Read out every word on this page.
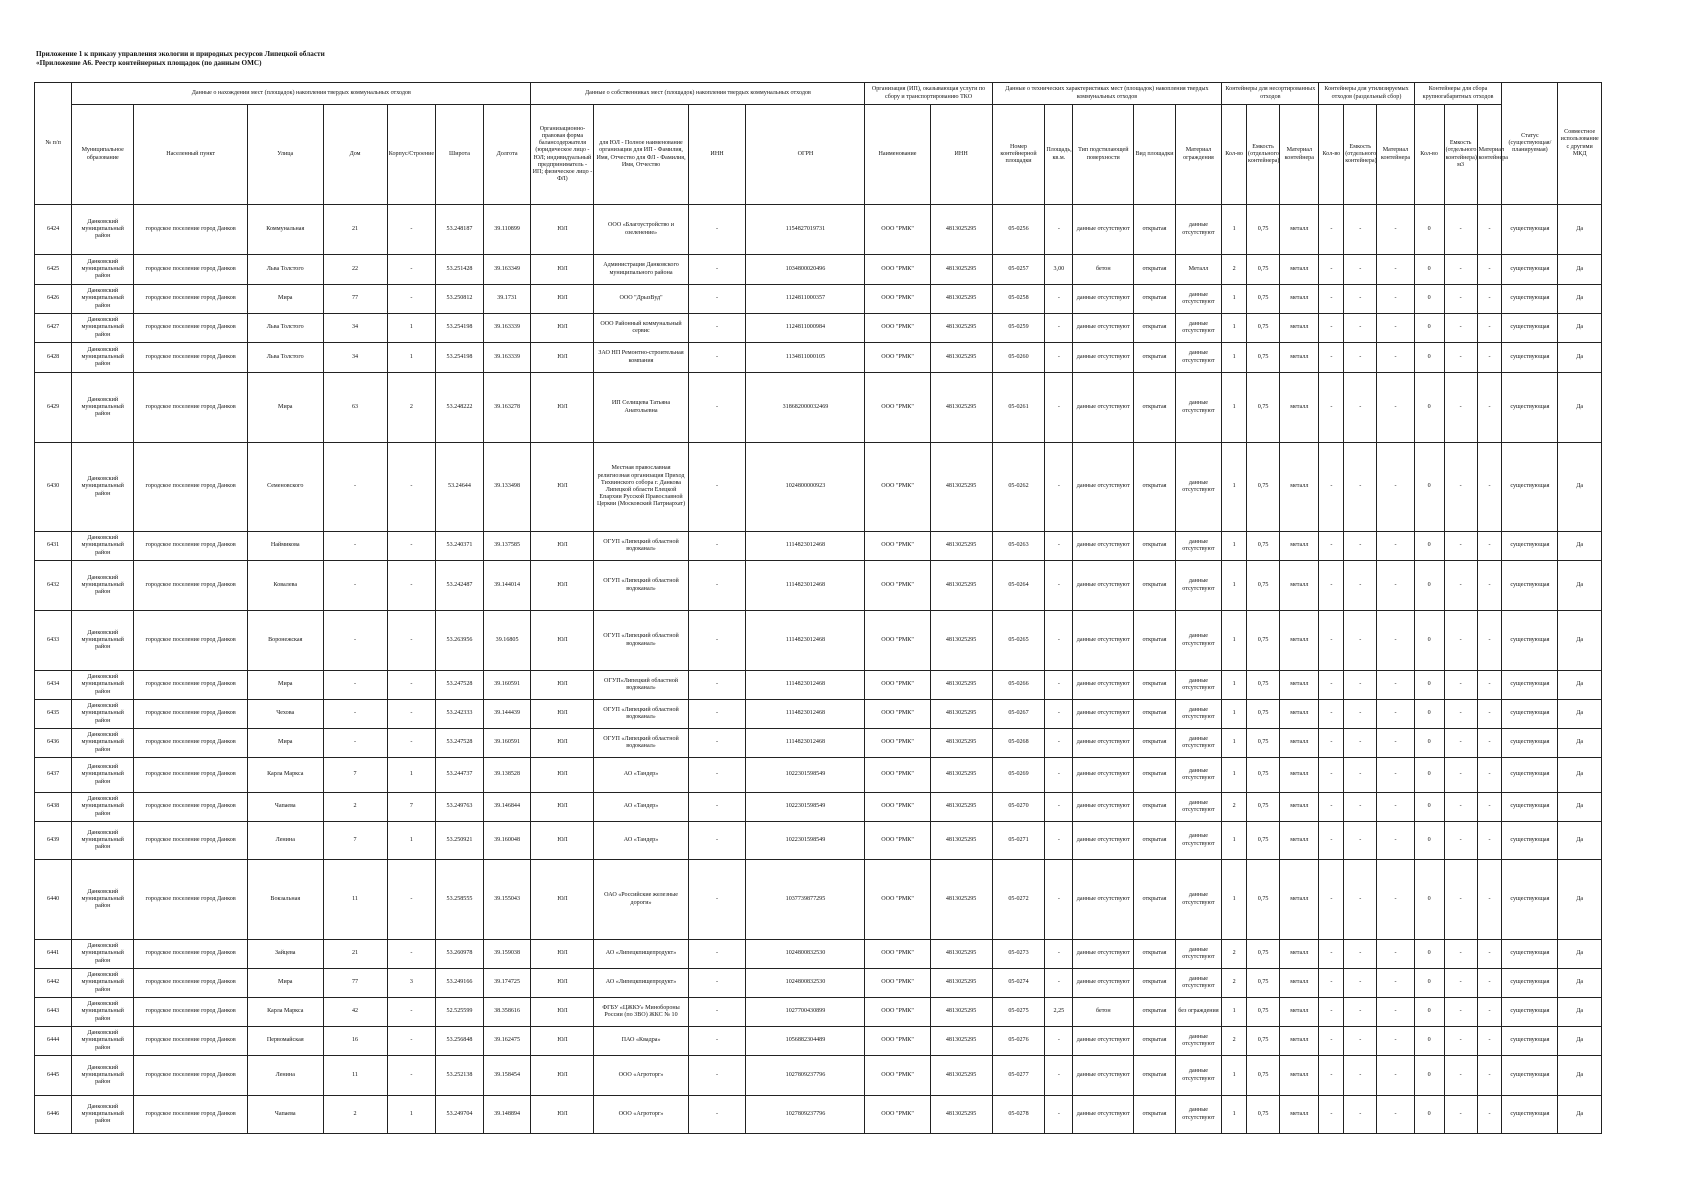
Приложение 1 к приказу управления экологии и природных ресурсов Липецкой области
«Приложение А6. Реестр контейнерных площадок (по данным ОМС)
№ п/п	Данные о нахождении мест (площадок) накопления твердых коммунальных отходов							Данные о собственниках мест (площадок) накопления твердых коммунальных отходов				Организация (ИП), оказывающая услуги по сбору и транспортированию ТКО		Данные о технических характеристиках мест (площадок) накопления твердых коммунальных отходов					Контейнеры для несортированных отходов			Контейнеры для утилизируемых отходов (раздельный сбор)			Контейнеры для сбора крупногабаритных отходов			Статус (существующая/ планируемая)	Совместное использование с другими МКД
	Муниципальное образование	Населенный пункт	Улица	Дом	Корпус/Строение	Широта	Долгота	Организационно-правовая форма балансодержателя (юридическое лицо - ЮЛ; индивидуальный предприниматель - ИП; физическое лицо - ФЛ)	для ЮЛ - Полное наименование организации для ИП - Фамилия, Имя, Отчество для ФЛ - Фамилия, Имя, Отчество	ИНН	ОГРН	Наименование	ИНН	Номер контейнерной площадки	Площадь, кв.м.	Тип подстилающей поверхности	Вид площадки	Материал ограждения	Кол-во	Емкость (отдельного контейнера)	Материал контейнера	Кол-во	Емкость (отдельного контейнера)	Материал контейнера	Кол-во	Емкость (отдельного контейнера) м3	Материал контейнера		
6424	Данковский муниципальный район	городское поселение город Данков	Коммунальная	21	-	53.248187	39.110899	ЮЛ	ООО «Благоустройство и озеленение»	-	1154827019731	ООО "РМК"	4813025295	05-0256	-	данные отсутствуют	открытая	данные отсутствуют	1	0,75	металл	-	-	-	0	-	-	существующая	Да
6425	Данковский муниципальный район	городское поселение город Данков	Льва Толстого	22	-	53.251428	39.163349	ЮЛ	Администрация Данковского муниципального района	-	1034800020496	ООО "РМК"	4813025295	05-0257	3,00	бетон	открытая	Металл	2	0,75	металл	-	-	-	0	-	-	существующая	Да
6426	Данковский муниципальный район	городское поселение город Данков	Мира	77	-	53.250812	39.1731	ЮЛ	ООО "ДрызВуд"	-	1124811000357	ООО "РМК"	4813025295	05-0258	-	данные отсутствуют	открытая	данные отсутствуют	1	0,75	металл	-	-	-	0	-	-	существующая	Да
6427	Данковский муниципальный район	городское поселение город Данков	Льва Толстого	34	1	53.254198	39.163339	ЮЛ	ООО Районный коммунальный сервис	-	1124811000984	ООО "РМК"	4813025295	05-0259	-	данные отсутствуют	открытая	данные отсутствуют	1	0,75	металл	-	-	-	0	-	-	существующая	Да
6428	Данковский муниципальный район	городское поселение город Данков	Льва Толстого	34	1	53.254198	39.163339	ЮЛ	ЗАО НП Ремонтно-строительная компания	-	1134811000105	ООО "РМК"	4813025295	05-0260	-	данные отсутствуют	открытая	данные отсутствуют	1	0,75	металл	-	-	-	0	-	-	существующая	Да
6429	Данковский муниципальный район	городское поселение город Данков	Мира	63	2	53.248222	39.163278	ЮЛ	ИП Селищева Татьяна Анатольевна	-	318682000032469	ООО "РМК"	4813025295	05-0261	-	данные отсутствуют	открытая	данные отсутствуют	1	0,75	металл	-	-	-	0	-	-	существующая	Да
6430	Данковский муниципальный район	городское поселение город Данков	Семеновского	-	-	53.24644	39.133498	ЮЛ	Местная православная религиозная организация Приход Тихвинского собора г. Данкова Липецкой области Елецкой Епархии Русской Православной Церкви (Московский Патриархат)	-	1024800000923	ООО "РМК"	4813025295	05-0262	-	данные отсутствуют	открытая	данные отсутствуют	1	0,75	металл	-	-	-	0	-	-	существующая	Да
6431	Данковский муниципальный район	городское поселение город Данков	Наймикова	-	-	53.240371	39.137585	ЮЛ	ОГУП «Липецкий областной водоканал»	-	1114823012468	ООО "РМК"	4813025295	05-0263	-	данные отсутствуют	открытая	данные отсутствуют	1	0,75	металл	-	-	-	0	-	-	существующая	Да
6432	Данковский муниципальный район	городское поселение город Данков	Ковалева	-	-	53.242487	39.144014	ЮЛ	ОГУП «Липецкий областной водоканал»	-	1114823012468	ООО "РМК"	4813025295	05-0264	-	данные отсутствуют	открытая	данные отсутствуют	1	0,75	металл	-	-	-	0	-	-	существующая	Да
6433	Данковский муниципальный район	городское поселение город Данков	Воронежская	-	-	53.263956	39.16805	ЮЛ	ОГУП «Липецкий областной водоканал»	-	1114823012468	ООО "РМК"	4813025295	05-0265	-	данные отсутствуют	открытая	данные отсутствуют	1	0,75	металл	-	-	-	0	-	-	существующая	Да
6434	Данковский муниципальный район	городское поселение город Данков	Мира	-	-	53.247528	39.160591	ЮЛ	ОГУП«Липецкий областной водоканал»	-	1114823012468	ООО "РМК"	4813025295	05-0266	-	данные отсутствуют	открытая	данные отсутствуют	1	0,75	металл	-	-	-	0	-	-	существующая	Да
6435	Данковский муниципальный район	городское поселение город Данков	Чехова	-	-	53.242333	39.144439	ЮЛ	ОГУП «Липецкий областной водоканал»	-	1114823012468	ООО "РМК"	4813025295	05-0267	-	данные отсутствуют	открытая	данные отсутствуют	1	0,75	металл	-	-	-	0	-	-	существующая	Да
6436	Данковский муниципальный район	городское поселение город Данков	Мира	-	-	53.247528	39.160591	ЮЛ	ОГУП «Липецкий областной водоканал»	-	1114823012468	ООО "РМК"	4813025295	05-0268	-	данные отсутствуют	открытая	данные отсутствуют	1	0,75	металл	-	-	-	0	-	-	существующая	Да
6437	Данковский муниципальный район	городское поселение город Данков	Карла Маркса	7	1	53.244737	39.138528	ЮЛ	АО «Тандер»	-	1022301598549	ООО "РМК"	4813025295	05-0269	-	данные отсутствуют	открытая	данные отсутствуют	1	0,75	металл	-	-	-	0	-	-	существующая	Да
6438	Данковский муниципальный район	городское поселение город Данков	Чапаева	2	7	53.249763	39.146844	ЮЛ	АО «Тандер»	-	1022301598549	ООО "РМК"	4813025295	05-0270	-	данные отсутствуют	открытая	данные отсутствуют	2	0,75	металл	-	-	-	0	-	-	существующая	Да
6439	Данковский муниципальный район	городское поселение город Данков	Ленина	7	1	53.250921	39.160048	ЮЛ	АО «Тандер»	-	1022301598549	ООО "РМК"	4813025295	05-0271	-	данные отсутствуют	открытая	данные отсутствуют	1	0,75	металл	-	-	-	0	-	-	существующая	Да
6440	Данковский муниципальный район	городское поселение город Данков	Вокзальная	11	-	53.258555	39.155043	ЮЛ	ОАО «Российские железные дороги»	-	1037739877295	ООО "РМК"	4813025295	05-0272	-	данные отсутствуют	открытая	данные отсутствуют	1	0,75	металл	-	-	-	0	-	-	существующая	Да
6441	Данковский муниципальный район	городское поселение город Данков	Зайцева	21	-	53.260978	39.159038	ЮЛ	АО «Липецкпищепродукт»	-	1024800832530	ООО "РМК"	4813025295	05-0273	-	данные отсутствуют	открытая	данные отсутствуют	2	0,75	металл	-	-	-	0	-	-	существующая	Да
6442	Данковский муниципальный район	городское поселение город Данков	Мира	77	3	53.249166	39.174725	ЮЛ	АО «Липецкпищепродукт»	-	1024800832530	ООО "РМК"	4813025295	05-0274	-	данные отсутствуют	открытая	данные отсутствуют	2	0,75	металл	-	-	-	0	-	-	существующая	Да
6443	Данковский муниципальный район	городское поселение город Данков	Карла Маркса	42	-	52.525599	38.358616	ЮЛ	ФГБУ «ЦЖКУ» Минобороны России (по ЗВО) ЖКС № 10	-	1027700430899	ООО "РМК"	4813025295	05-0275	2,25	бетон	открытая	без ограждения	1	0,75	металл	-	-	-	0	-	-	существующая	Да
6444	Данковский муниципальный район	городское поселение город Данков	Первомайская	16	-	53.256848	39.162475	ЮЛ	ПАО «Квадра»	-	1056882304489	ООО "РМК"	4813025295	05-0276	-	данные отсутствуют	открытая	данные отсутствуют	2	0,75	металл	-	-	-	0	-	-	существующая	Да
6445	Данковский муниципальный район	городское поселение город Данков	Ленина	11	-	53.252138	39.158454	ЮЛ	ООО «Агроторг»	-	1027809237796	ООО "РМК"	4813025295	05-0277	-	данные отсутствуют	открытая	данные отсутствуют	1	0,75	металл	-	-	-	0	-	-	существующая	Да
6446	Данковский муниципальный район	городское поселение город Данков	Чапаева	2	1	53.249704	39.148894	ЮЛ	ООО «Агроторг»	-	1027809237796	ООО "РМК"	4813025295	05-0278	-	данные отсутствуют	открытая	данные отсутствуют	1	0,75	металл	-	-	-	0	-	-	существующая	Да
